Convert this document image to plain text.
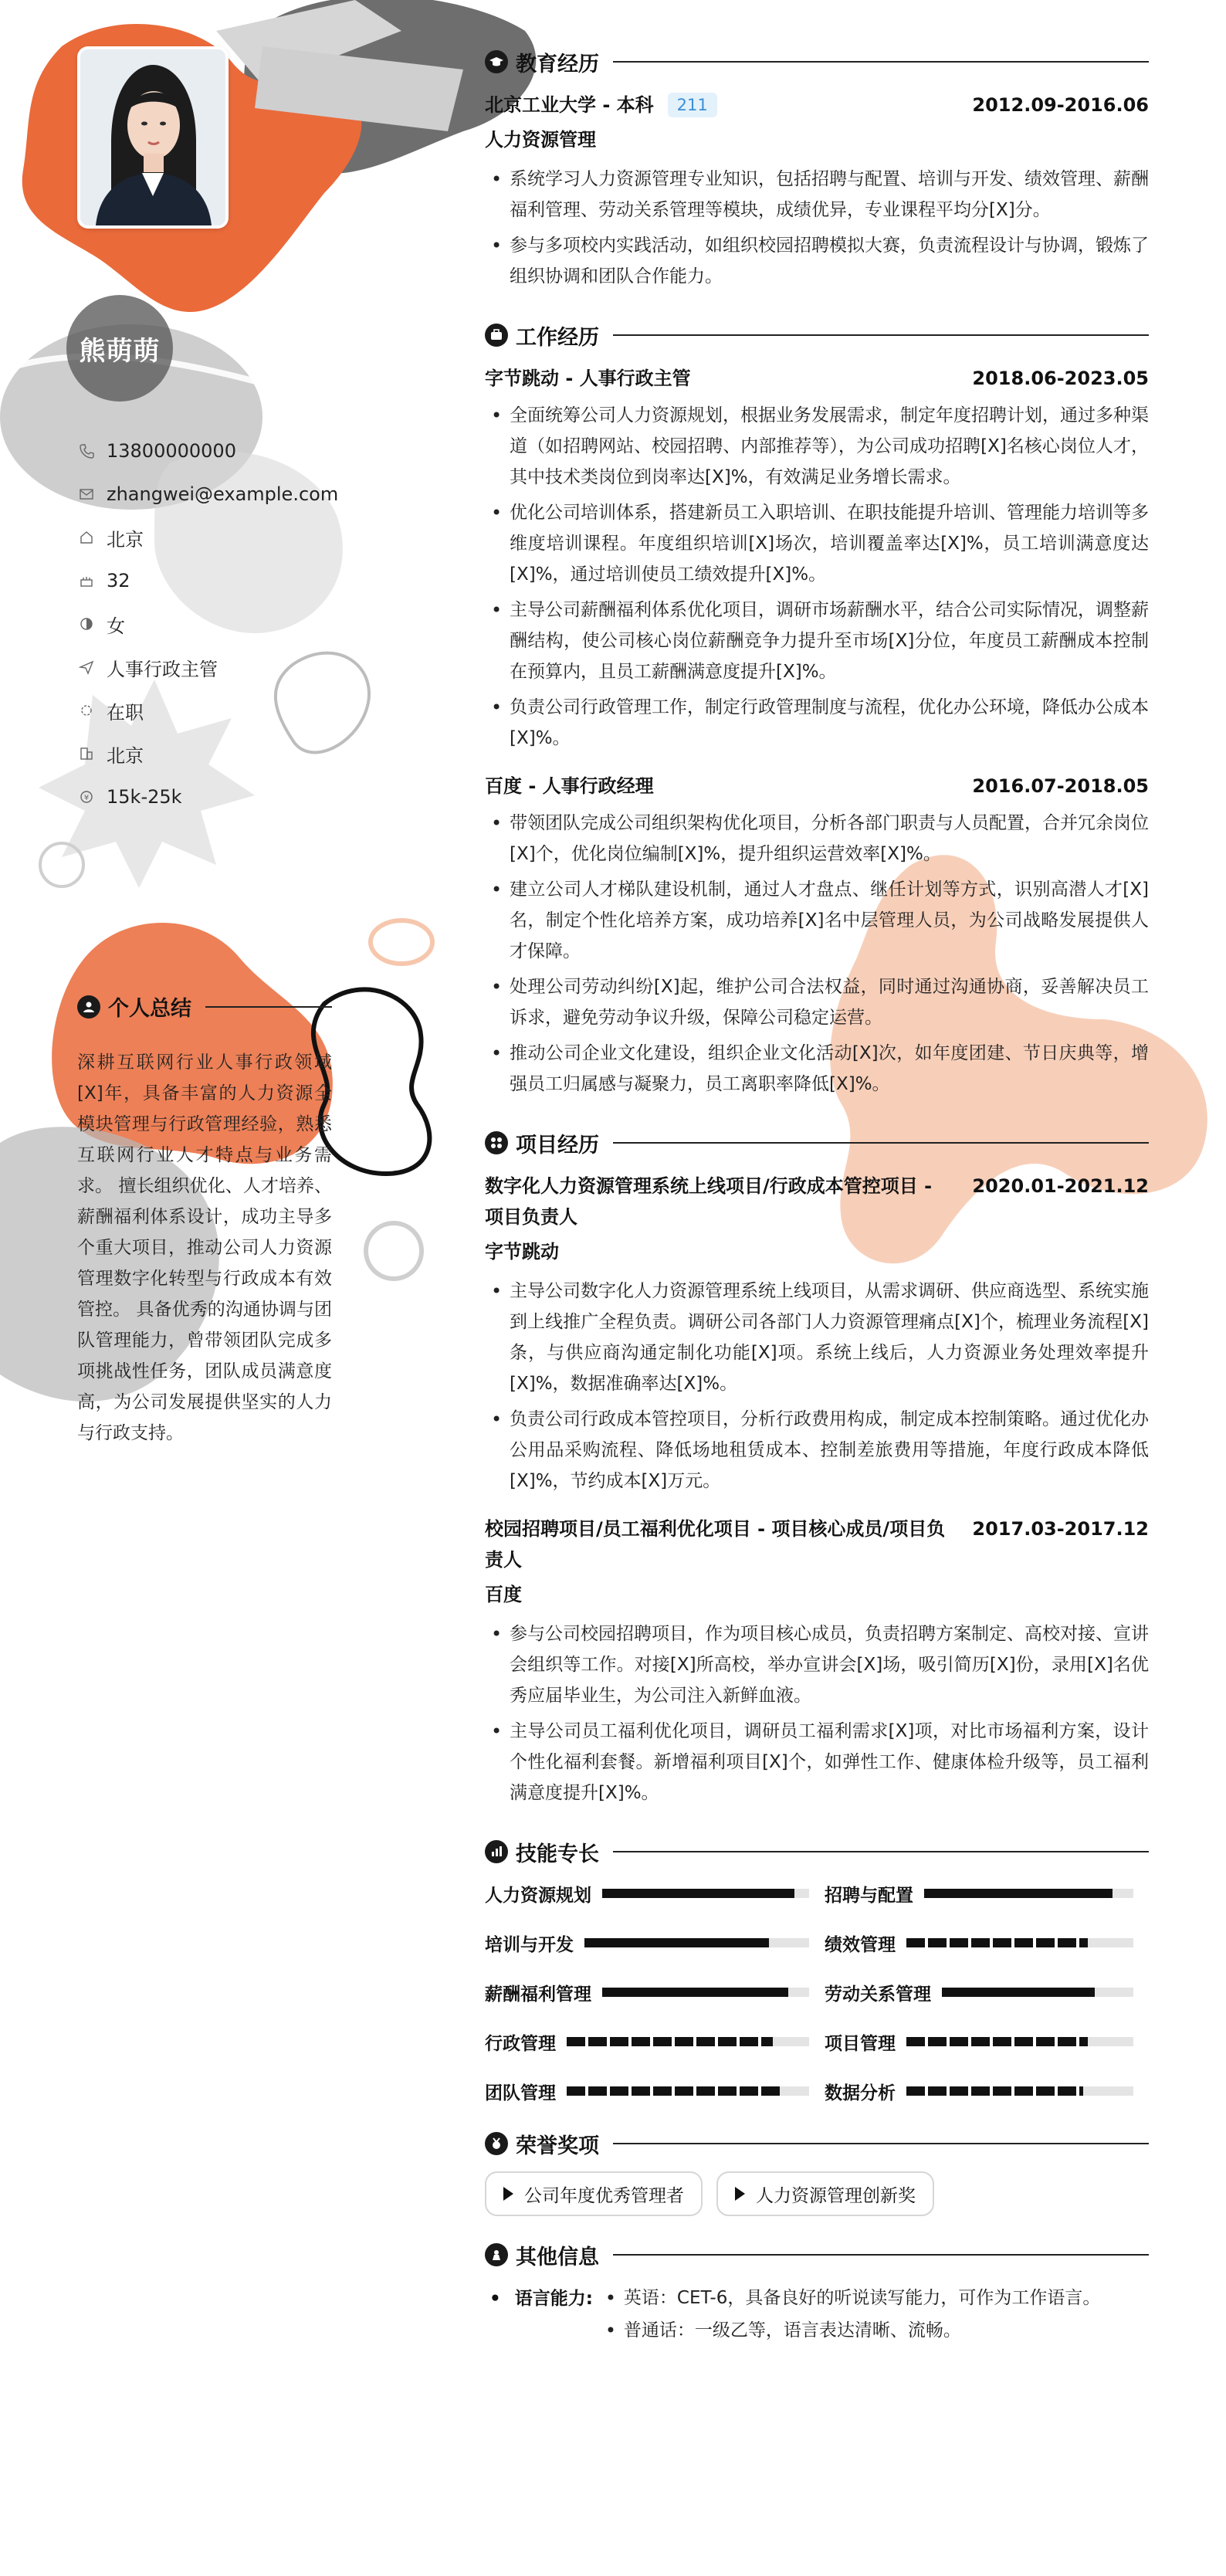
熊萌萌
13800000000
zhangwei@example.com
北京
32
女
人事行政主管
在职
北京
¥ 15k-25k
个人总结
深耕互联网行业人事行政领域[X]年，具备丰富的人力资源全模块管理与行政管理经验，熟悉互联网行业人才特点与业务需求。 擅长组织优化、人才培养、薪酬福利体系设计，成功主导多个重大项目，推动公司人力资源管理数字化转型与行政成本有效管控。 具备优秀的沟通协调与团队管理能力，曾带领团队完成多项挑战性任务，团队成员满意度高，为公司发展提供坚实的人力与行政支持。
教育经历
北京工业大学 - 本科	211	2012.09-2016.06
人力资源管理
• 系统学习人力资源管理专业知识，包括招聘与配置、培训与开发、绩效管理、薪酬福利管理、劳动关系管理等模块，成绩优异，专业课程平均分[X]分。
• 参与多项校内实践活动，如组织校园招聘模拟大赛，负责流程设计与协调，锻炼了组织协调和团队合作能力。
工作经历
字节跳动 - 人事行政主管	2018.06-2023.05
• 全面统筹公司人力资源规划，根据业务发展需求，制定年度招聘计划，通过多种渠道（如招聘网站、校园招聘、内部推荐等），为公司成功招聘[X]名核心岗位人才，其中技术类岗位到岗率达[X]%，有效满足业务增长需求。
• 优化公司培训体系，搭建新员工入职培训、在职技能提升培训、管理能力培训等多维度培训课程。年度组织培训[X]场次，培训覆盖率达[X]%，员工培训满意度达[X]%，通过培训使员工绩效提升[X]%。
• 主导公司薪酬福利体系优化项目，调研市场薪酬水平，结合公司实际情况，调整薪酬结构，使公司核心岗位薪酬竞争力提升至市场[X]分位，年度员工薪酬成本控制在预算内，且员工薪酬满意度提升[X]%。
• 负责公司行政管理工作，制定行政管理制度与流程，优化办公环境，降低办公成本[X]%。
百度 - 人事行政经理	2016.07-2018.05
• 带领团队完成公司组织架构优化项目，分析各部门职责与人员配置，合并冗余岗位[X]个，优化岗位编制[X]%，提升组织运营效率[X]%。
• 建立公司人才梯队建设机制，通过人才盘点、继任计划等方式，识别高潜人才[X]名，制定个性化培养方案，成功培养[X]名中层管理人员，为公司战略发展提供人才保障。
• 处理公司劳动纠纷[X]起，维护公司合法权益，同时通过沟通协商，妥善解决员工诉求，避免劳动争议升级，保障公司稳定运营。
• 推动公司企业文化建设，组织企业文化活动[X]次，如年度团建、节日庆典等，增强员工归属感与凝聚力，员工离职率降低[X]%。
项目经历
数字化人力资源管理系统上线项目/行政成本管控项目 - 项目负责人
2020.01-2021.12
字节跳动
• 主导公司数字化人力资源管理系统上线项目，从需求调研、供应商选型、系统实施到上线推广全程负责。调研公司各部门人力资源管理痛点[X]个，梳理业务流程[X]条，与供应商沟通定制化功能[X]项。系统上线后，人力资源业务处理效率提升[X]%，数据准确率达[X]%。
• 负责公司行政成本管控项目，分析行政费用构成，制定成本控制策略。通过优化办公用品采购流程、降低场地租赁成本、控制差旅费用等措施，年度行政成本降低[X]%，节约成本[X]万元。
校园招聘项目/员工福利优化项目 - 项目核心成员/项目负责人
2017.03-2017.12
百度
• 参与公司校园招聘项目，作为项目核心成员，负责招聘方案制定、高校对接、宣讲会组织等工作。对接[X]所高校，举办宣讲会[X]场，吸引简历[X]份，录用[X]名优秀应届毕业生，为公司注入新鲜血液。
• 主导公司员工福利优化项目，调研员工福利需求[X]项，对比市场福利方案，设计个性化福利套餐。新增福利项目[X]个，如弹性工作、健康体检升级等，员工福利满意度提升[X]%。
技能专长
人力资源规划	招聘与配置
培训与开发	绩效管理
薪酬福利管理	劳动关系管理
行政管理	项目管理
团队管理	数据分析
荣誉奖项
公司年度优秀管理者	人力资源管理创新奖
其他信息
• 语言能力:
•	英语：CET-6，具备良好的听说读写能力，可作为工作语言。
• 普通话：一级乙等，语言表达清晰、流畅。
